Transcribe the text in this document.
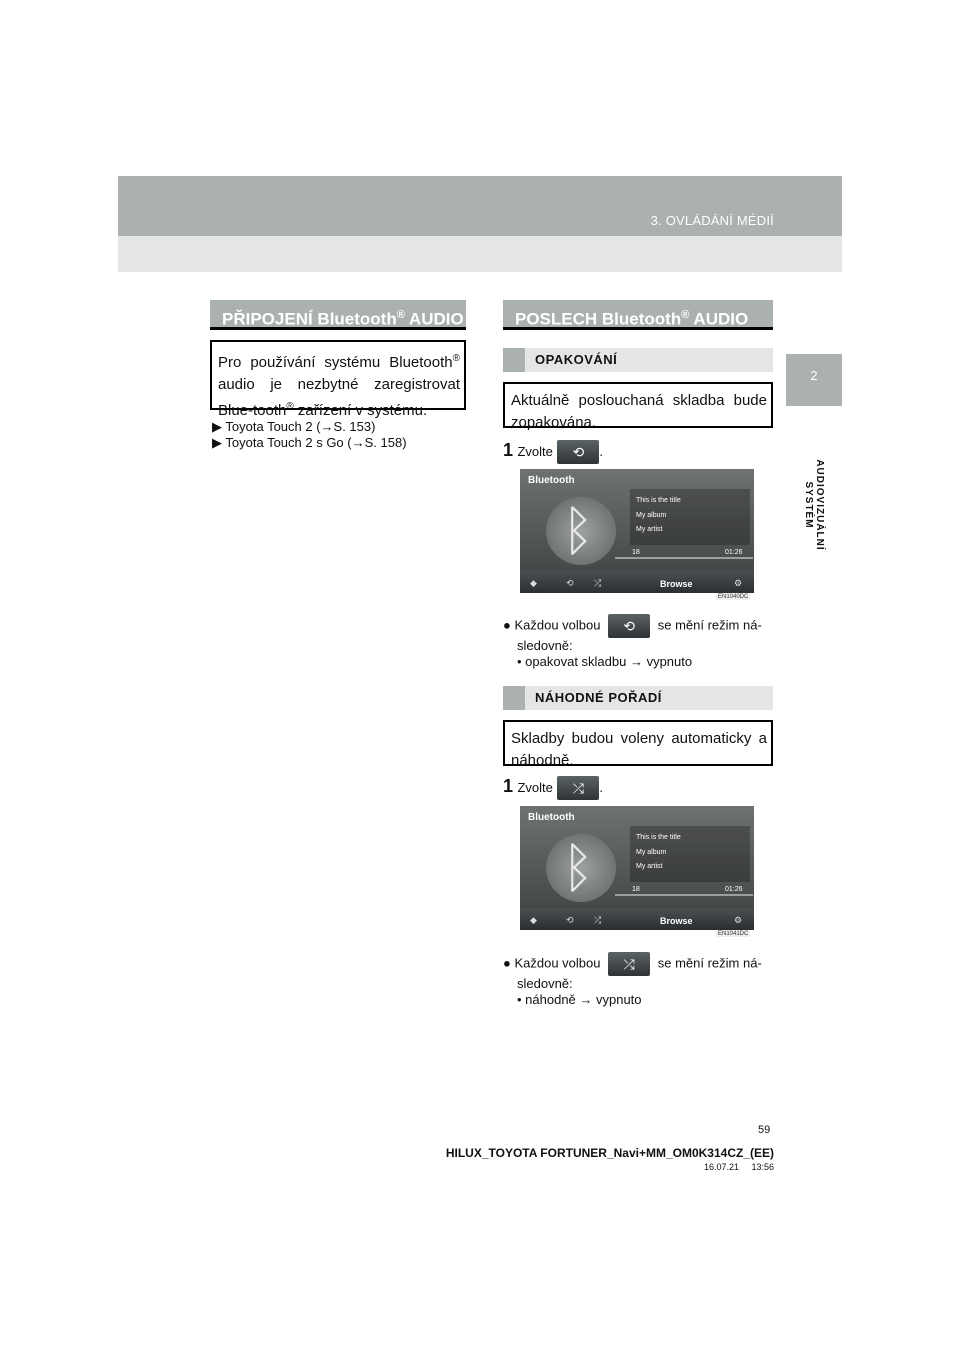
3. OVLÁDÁNÍ MÉDIÍ
2
AUDIOVIZUÁLNÍ SYSTÉM
PŘIPOJENÍ Bluetooth® AUDIO
Pro používání systému Bluetooth® audio je nezbytné zaregistrovat Blue-tooth® zařízení v systému.
▶ Toyota Touch 2 (→S. 153)
▶ Toyota Touch 2 s Go (→S. 158)
POSLECH Bluetooth® AUDIO
OPAKOVÁNÍ
Aktuálně poslouchaná skladba bude zopakována.
1 Zvolte	⟲	.
Bluetooth
ᛒ	This is the title
My album
My artist
18	01:26
◆	⟲ ⤮	Browse	⚙
EN1040DC
● Každou volbou	⟲	se mění režim ná-
sledovně:
• opakovat skladbu → vypnuto
NÁHODNÉ POŘADÍ
Skladby budou voleny automaticky a náhodně.
1 Zvolte	⤮	.
Bluetooth
ᛒ	This is the title
My album
My artist
18	01:26
◆	⟲ ⤮	Browse	⚙
EN1041DC
● Každou volbou	⤮	se mění režim ná-
sledovně:
• náhodně → vypnuto
59
HILUX_TOYOTA FORTUNER_Navi+MM_OM0K314CZ_(EE)
16.07.21     13:56
